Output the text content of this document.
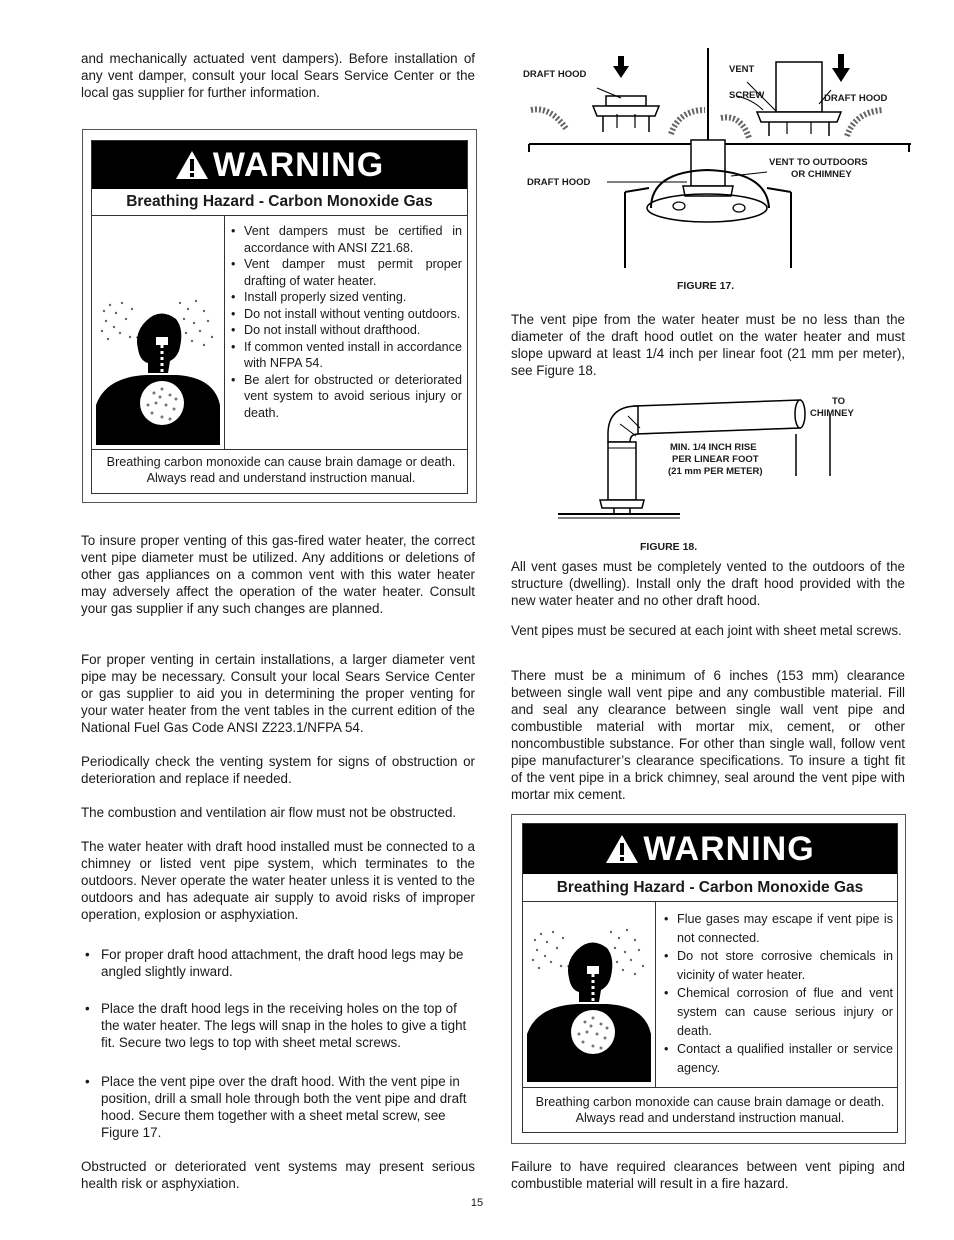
and mechanically actuated vent dampers). Before installation of any vent damper, consult your local Sears Service Center or the local gas supplier for further information.

WARNING
Breathing Hazard - Carbon Monoxide Gas
• Vent dampers must be certified in accordance with ANSI Z21.68.
• Vent damper must permit proper drafting of water heater.
• Install properly sized venting.
• Do not install without venting outdoors.
• Do not install without drafthood.
• If common vented install in accordance with NFPA 54.
• Be alert for obstructed or deteriorated vent system to avoid serious injury or death.
Breathing carbon monoxide can cause brain damage or death. Always read and understand instruction manual.

To insure proper venting of this gas-fired water heater, the correct vent pipe diameter must be utilized. Any additions or deletions of other gas appliances on a common vent with this water heater may adversely affect the operation of the water heater. Consult your gas supplier if any such changes are planned.

For proper venting in certain installations, a larger diameter vent pipe may be necessary. Consult your local Sears Service Center or gas supplier to aid you in determining the proper venting for your water heater from the vent tables in the current edition of the National Fuel Gas Code ANSI Z223.1/NFPA 54.

Periodically check the venting system for signs of obstruction or deterioration and replace if needed.

The combustion and ventilation air flow must not be obstructed.

The water heater with draft hood installed must be connected to a chimney or listed vent pipe system, which terminates to the outdoors. Never operate the water heater unless it is vented to the outdoors and has adequate air supply to avoid risks of improper operation, explosion or asphyxiation.

• For proper draft hood attachment, the draft hood legs may be angled slightly inward.

• Place the draft hood legs in the receiving holes on the top of the water heater. The legs will snap in the holes to give a tight fit. Secure two legs to top with sheet metal screws.

• Place the vent pipe over the draft hood. With the vent pipe in position, drill a small hole through both the vent pipe and draft hood. Secure them together with a sheet metal screw, see Figure 17.

Obstructed or deteriorated vent systems may present serious health risk or asphyxiation.

DRAFT HOOD	VENT
SCREW	DRAFT HOOD
VENT TO OUTDOORS
OR CHIMNEY
DRAFT HOOD
FIGURE 17.

The vent pipe from the water heater must be no less than the diameter of the draft hood outlet on the water heater and must slope upward at least 1/4 inch per linear foot (21 mm per meter), see Figure 18.

TO
CHIMNEY
MIN. 1/4 INCH RISE
PER LINEAR FOOT
(21 mm PER METER)
FIGURE 18.

All vent gases must be completely vented to the outdoors of the structure (dwelling). Install only the draft hood provided with the new water heater and no other draft hood.

Vent pipes must be secured at each joint with sheet metal screws.

There must be a minimum of 6 inches (153 mm) clearance between single wall vent pipe and any combustible material. Fill and seal any clearance between single wall vent pipe and combustible material with mortar mix, cement, or other noncombustible substance. For other than single wall, follow vent pipe manufacturer’s clearance specifications. To insure a tight fit of the vent pipe in a brick chimney, seal around the vent pipe with mortar mix cement.

WARNING
Breathing Hazard - Carbon Monoxide Gas
• Flue gases may escape if vent pipe is not connected.
• Do not store corrosive chemicals in vicinity of water heater.
• Chemical corrosion of flue and vent system can cause serious injury or death.
• Contact a qualified installer or service agency.
Breathing carbon monoxide can cause brain damage or death. Always read and understand instruction manual.

Failure to have required clearances between vent piping and combustible material will result in a fire hazard.

15
